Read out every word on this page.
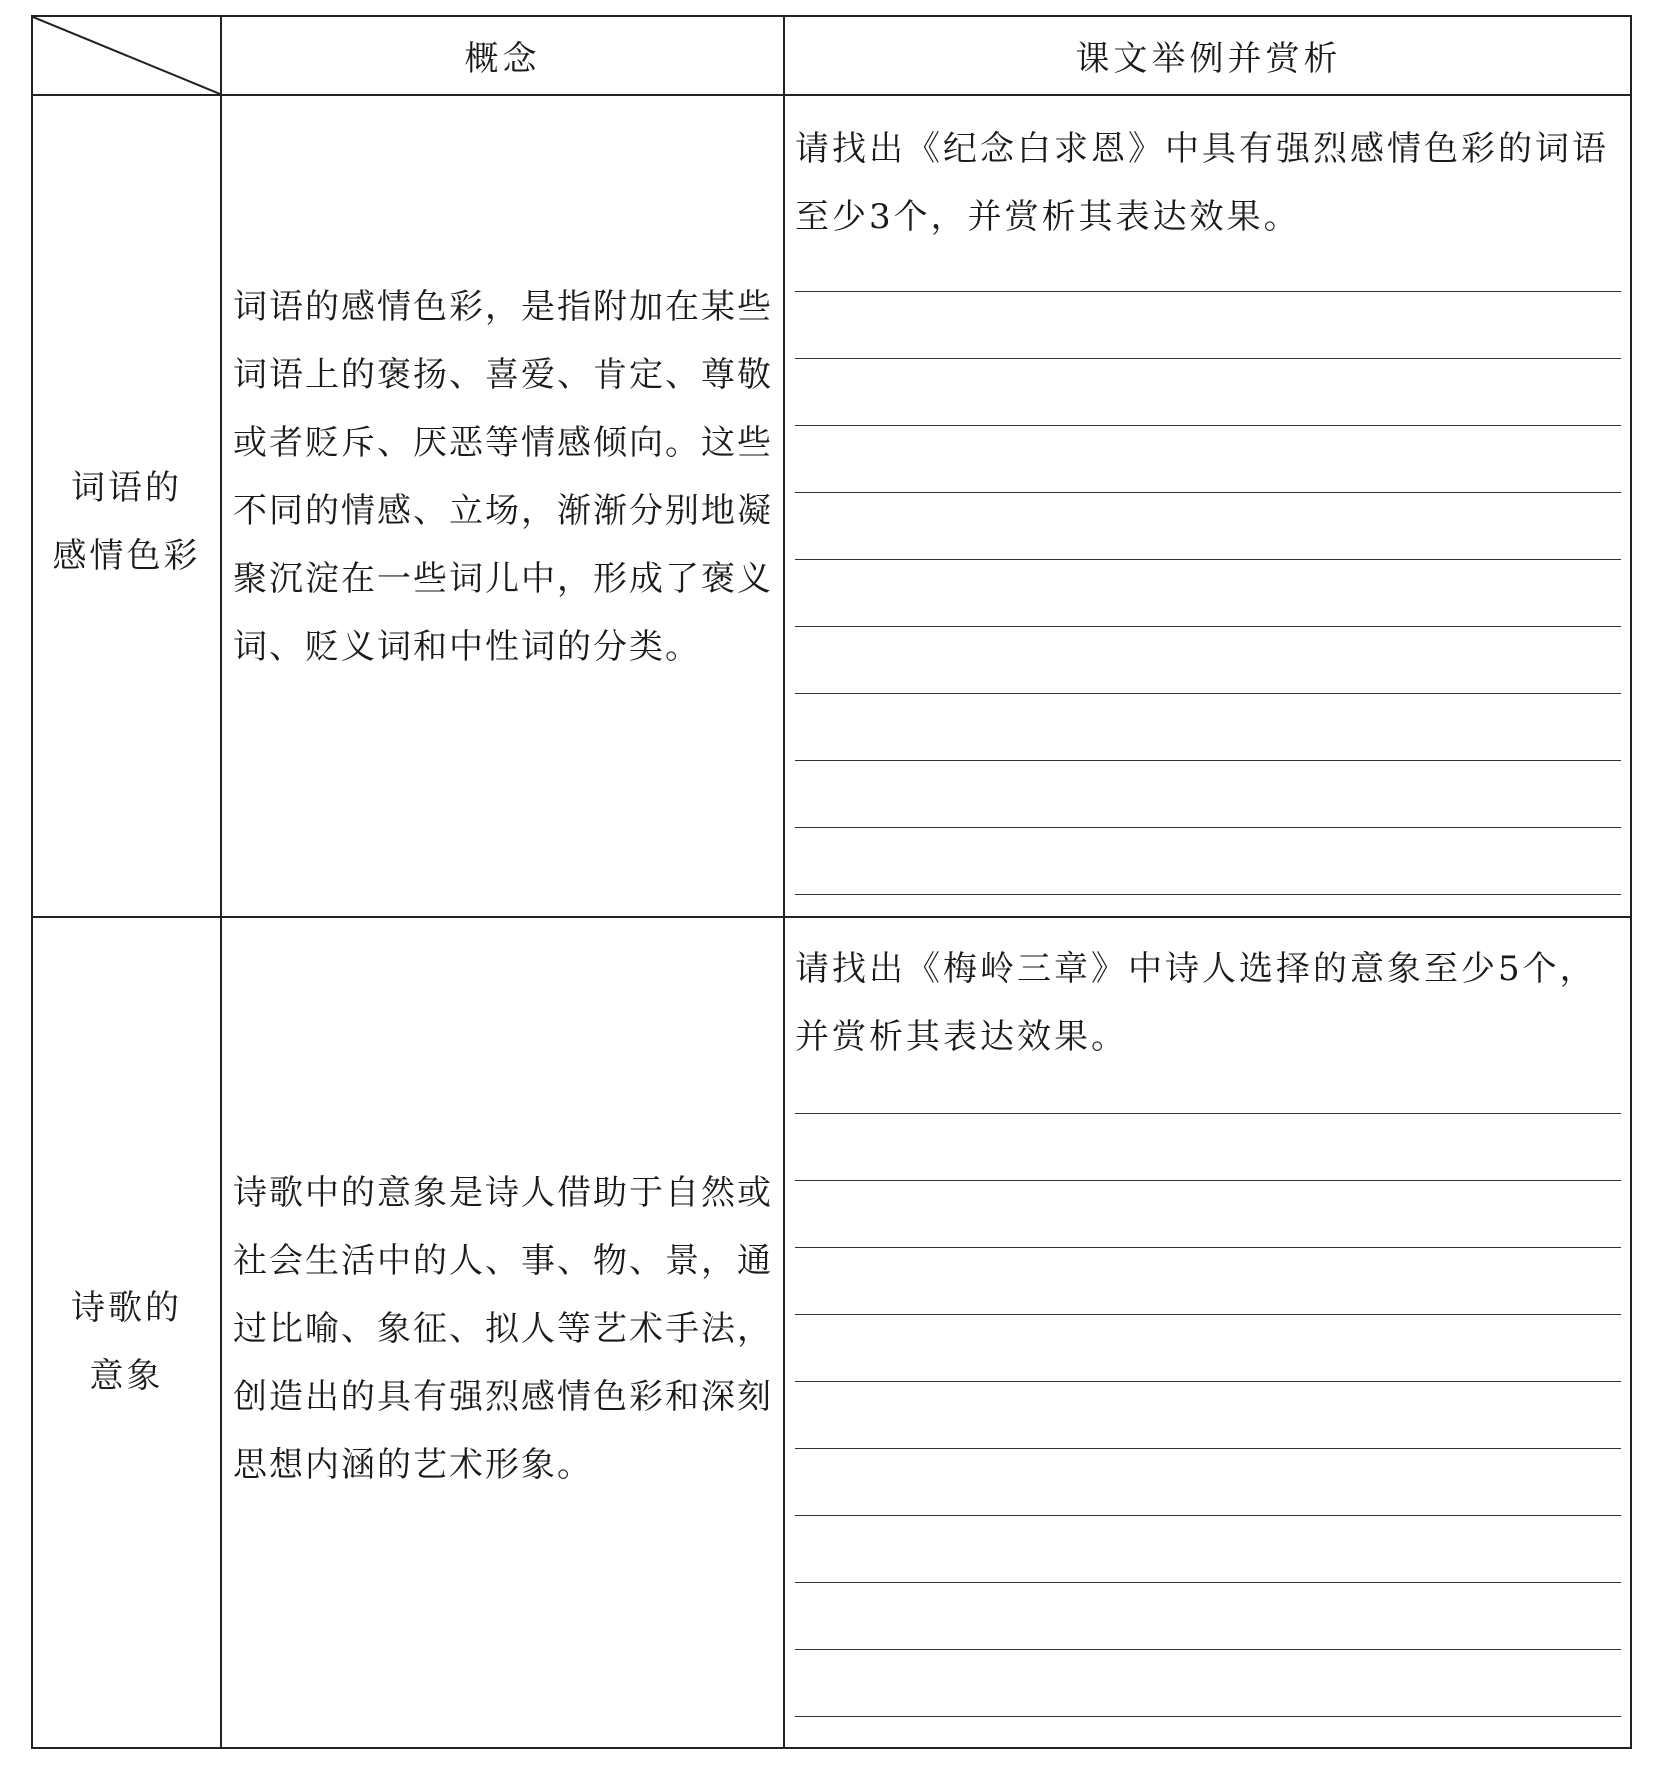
概念	课文举例并赏析
词语的
感情色彩
词语的感情色彩，是指附加在某些词语上的褒扬、喜爱、肯定、尊敬或者贬斥、厌恶等情感倾向。这些不同的情感、立场，渐渐分别地凝聚沉淀在一些词儿中，形成了褒义词、贬义词和中性词的分类。
请找出《纪念白求恩》中具有强烈感情色彩的词语至少3个，并赏析其表达效果。
诗歌的
意象
诗歌中的意象是诗人借助于自然或社会生活中的人、事、物、景，通过比喻、象征、拟人等艺术手法，创造出的具有强烈感情色彩和深刻思想内涵的艺术形象。
请找出《梅岭三章》中诗人选择的意象至少5个，并赏析其表达效果。
